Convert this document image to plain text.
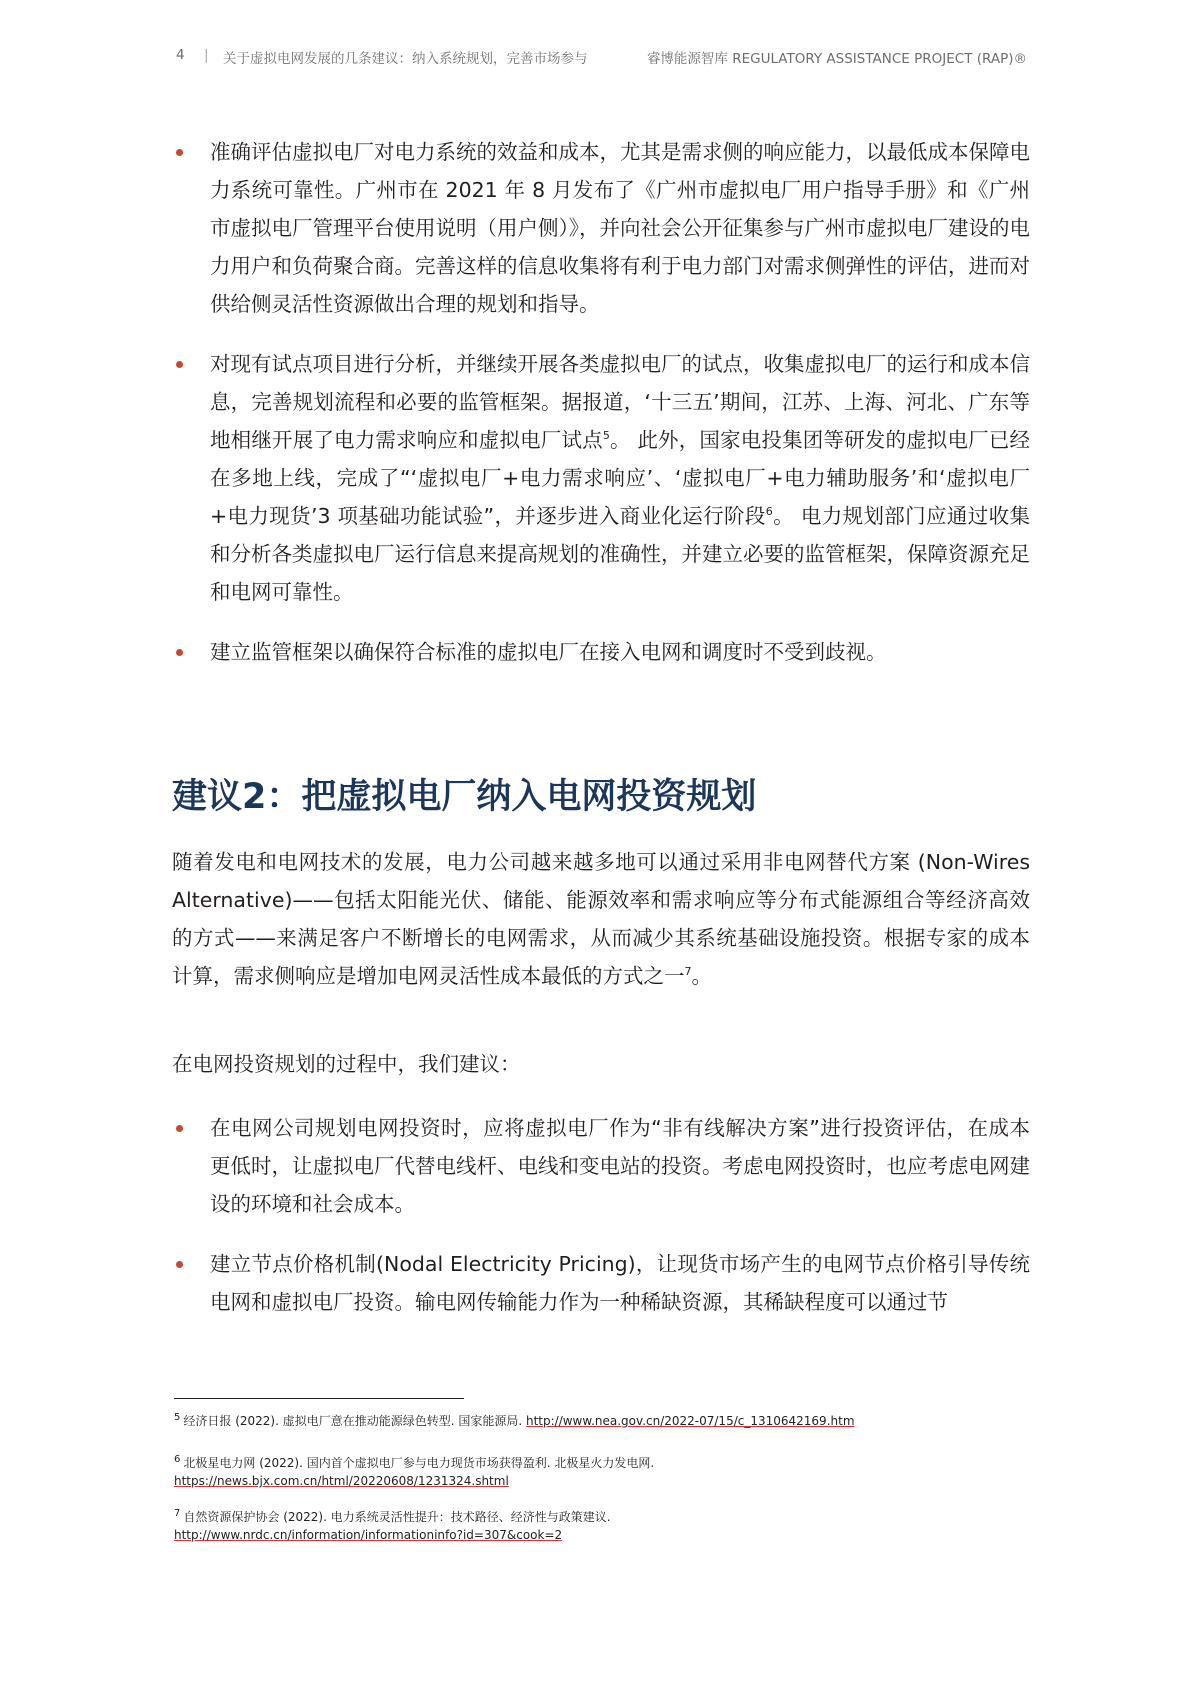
4 | 关于虚拟电网发展的几条建议：纳入系统规划，完善市场参与	睿博能源智库 REGULATORY ASSISTANCE PROJECT (RAP)®
准确评估虚拟电厂对电力系统的效益和成本，尤其是需求侧的响应能力，以最低成本保障电力系统可靠性。广州市在 2021 年 8 月发布了《广州市虚拟电厂用户指导手册》和《广州市虚拟电厂管理平台使用说明（用户侧）》，并向社会公开征集参与广州市虚拟电厂建设的电力用户和负荷聚合商。完善这样的信息收集将有利于电力部门对需求侧弹性的评估，进而对供给侧灵活性资源做出合理的规划和指导。
对现有试点项目进行分析，并继续开展各类虚拟电厂的试点，收集虚拟电厂的运行和成本信息，完善规划流程和必要的监管框架。据报道，‘十三五’期间，江苏、上海、河北、广东等地相继开展了电力需求响应和虚拟电厂试点$^5$。 此外，国家电投集团等研发的虚拟电厂已经在多地上线，完成了“‘虚拟电厂+电力需求响应’、‘虚拟电厂+电力辅助服务’和‘虚拟电厂+电力现货’3 项基础功能试验”，并逐步进入商业化运行阶段$^6$。 电力规划部门应通过收集和分析各类虚拟电厂运行信息来提高规划的准确性，并建立必要的监管框架，保障资源充足和电网可靠性。
建立监管框架以确保符合标准的虚拟电厂在接入电网和调度时不受到歧视。
建议2：把虚拟电厂纳入电网投资规划

随着发电和电网技术的发展，电力公司越来越多地可以通过采用非电网替代方案 (Non-Wires Alternative)——包括太阳能光伏、储能、能源效率和需求响应等分布式能源组合等经济高效的方式——来满足客户不断增长的电网需求，从而减少其系统基础设施投资。根据专家的成本计算，需求侧响应是增加电网灵活性成本最低的方式之一$^7$。

在电网投资规划的过程中，我们建议：

在电网公司规划电网投资时，应将虚拟电厂作为“非有线解决方案”进行投资评估，在成本更低时，让虚拟电厂代替电线杆、电线和变电站的投资。考虑电网投资时，也应考虑电网建设的环境和社会成本。
建立节点价格机制(Nodal Electricity Pricing)，让现货市场产生的电网节点价格引导传统电网和虚拟电厂投资。输电网传输能力作为一种稀缺资源，其稀缺程度可以通过节
$^5$ 经济日报 (2022). 虚拟电厂意在推动能源绿色转型. 国家能源局. http://www.nea.gov.cn/2022-07/15/c_1310642169.htm
$^6$ 北极星电力网 (2022). 国内首个虚拟电厂参与电力现货市场获得盈利. 北极星火力发电网.
https://news.bjx.com.cn/html/20220608/1231324.shtml
$^7$ 自然资源保护协会 (2022). 电力系统灵活性提升：技术路径、经济性与政策建议.
http://www.nrdc.cn/information/informationinfo?id=307&cook=2
